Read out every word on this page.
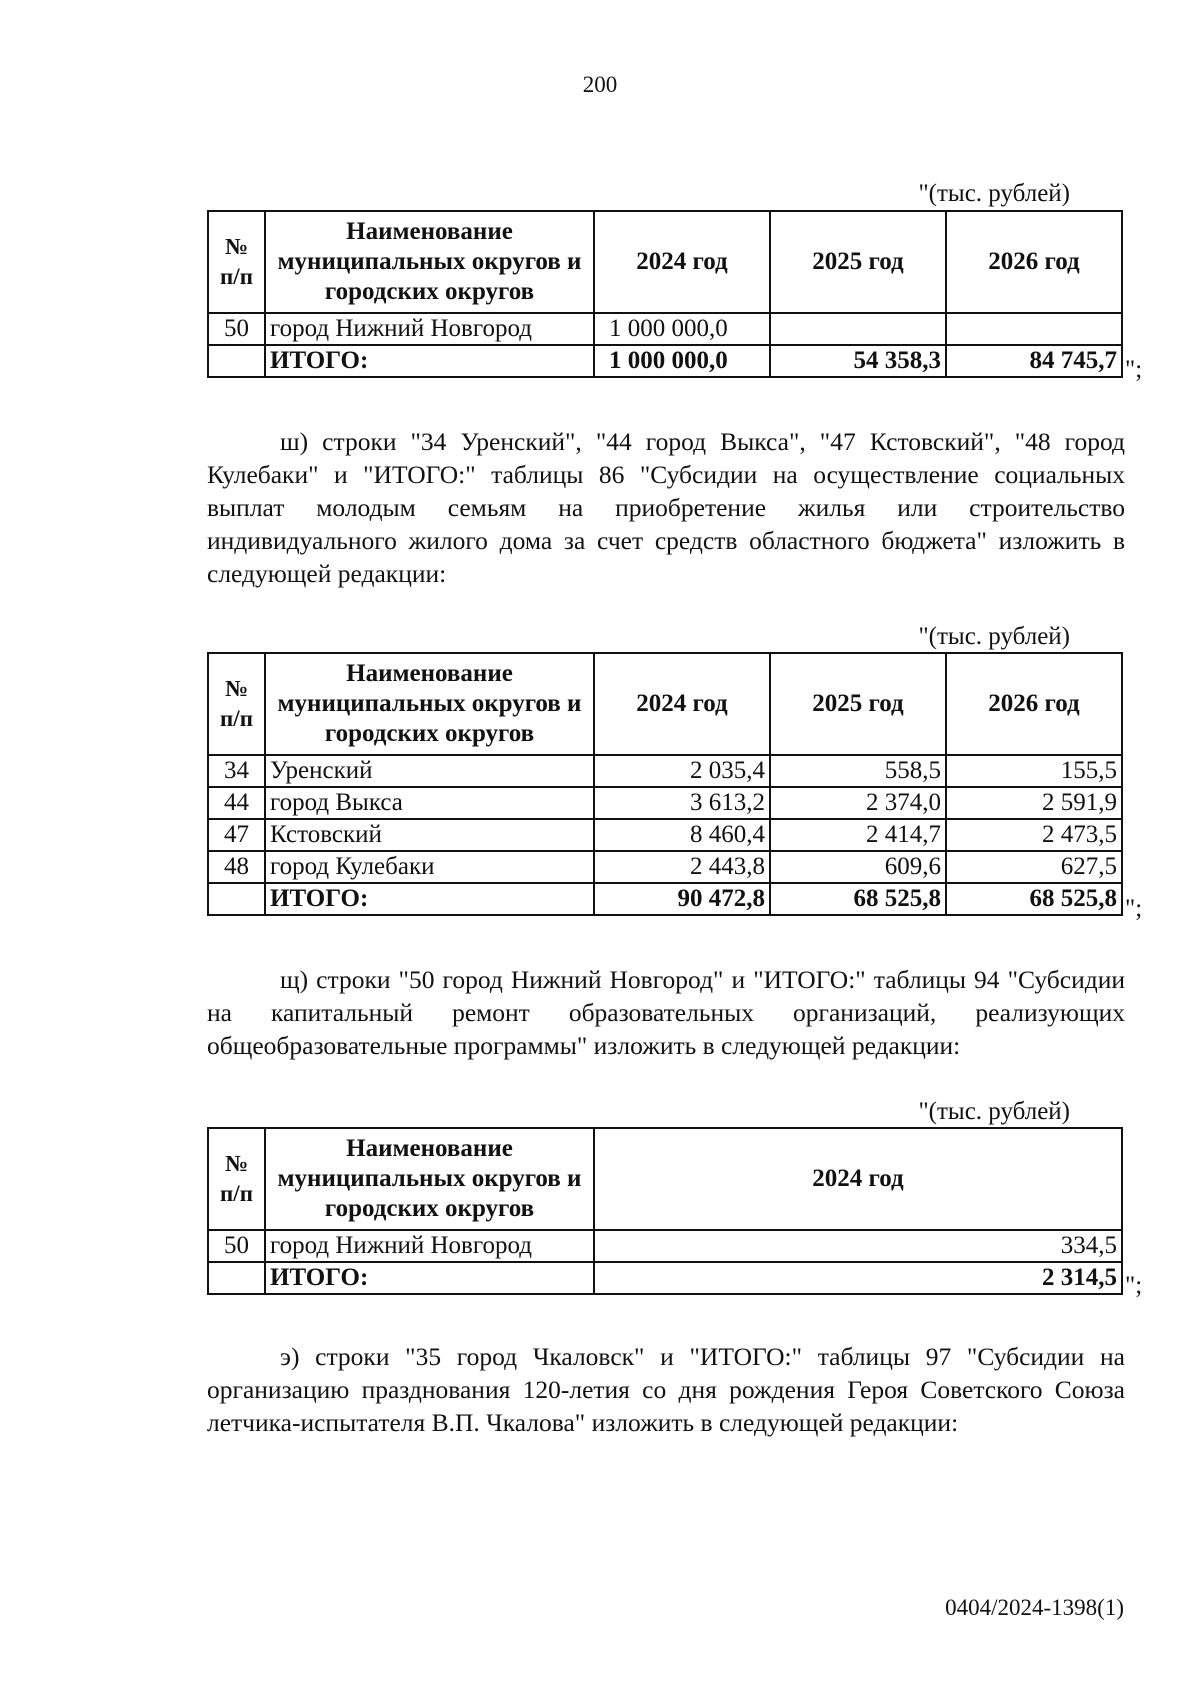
200
"(тыс. рублей)
№ п/п	Наименование муниципальных округов и городских округов	2024 год	2025 год	2026 год
50	город Нижний Новгород	1 000 000,0		
	ИТОГО:	1 000 000,0	54 358,3	84 745,7 ";
ш) строки "34 Уренский", "44 город Выкса", "47 Кстовский", "48 город Кулебаки" и "ИТОГО:" таблицы 86 "Субсидии на осуществление социальных выплат молодым семьям на приобретение жилья или строительство индивидуального жилого дома за счет средств областного бюджета" изложить в следующей редакции:
"(тыс. рублей)
№ п/п	Наименование муниципальных округов и городских округов	2024 год	2025 год	2026 год
34	Уренский	2 035,4	558,5	155,5
44	город Выкса	3 613,2	2 374,0	2 591,9
47	Кстовский	8 460,4	2 414,7	2 473,5
48	город Кулебаки	2 443,8	609,6	627,5
	ИТОГО:	90 472,8	68 525,8	68 525,8 ";
щ) строки "50 город Нижний Новгород" и "ИТОГО:" таблицы 94 "Субсидии на капитальный ремонт образовательных организаций, реализующих общеобразовательные программы" изложить в следующей редакции:
"(тыс. рублей)
№ п/п	Наименование муниципальных округов и городских округов	2024 год
50	город Нижний Новгород	334,5
	ИТОГО:	2 314,5 ";
э) строки "35 город Чкаловск" и "ИТОГО:" таблицы 97 "Субсидии на организацию празднования 120-летия со дня рождения Героя Советского Союза летчика-испытателя В.П. Чкалова" изложить в следующей редакции:
0404/2024-1398(1)
